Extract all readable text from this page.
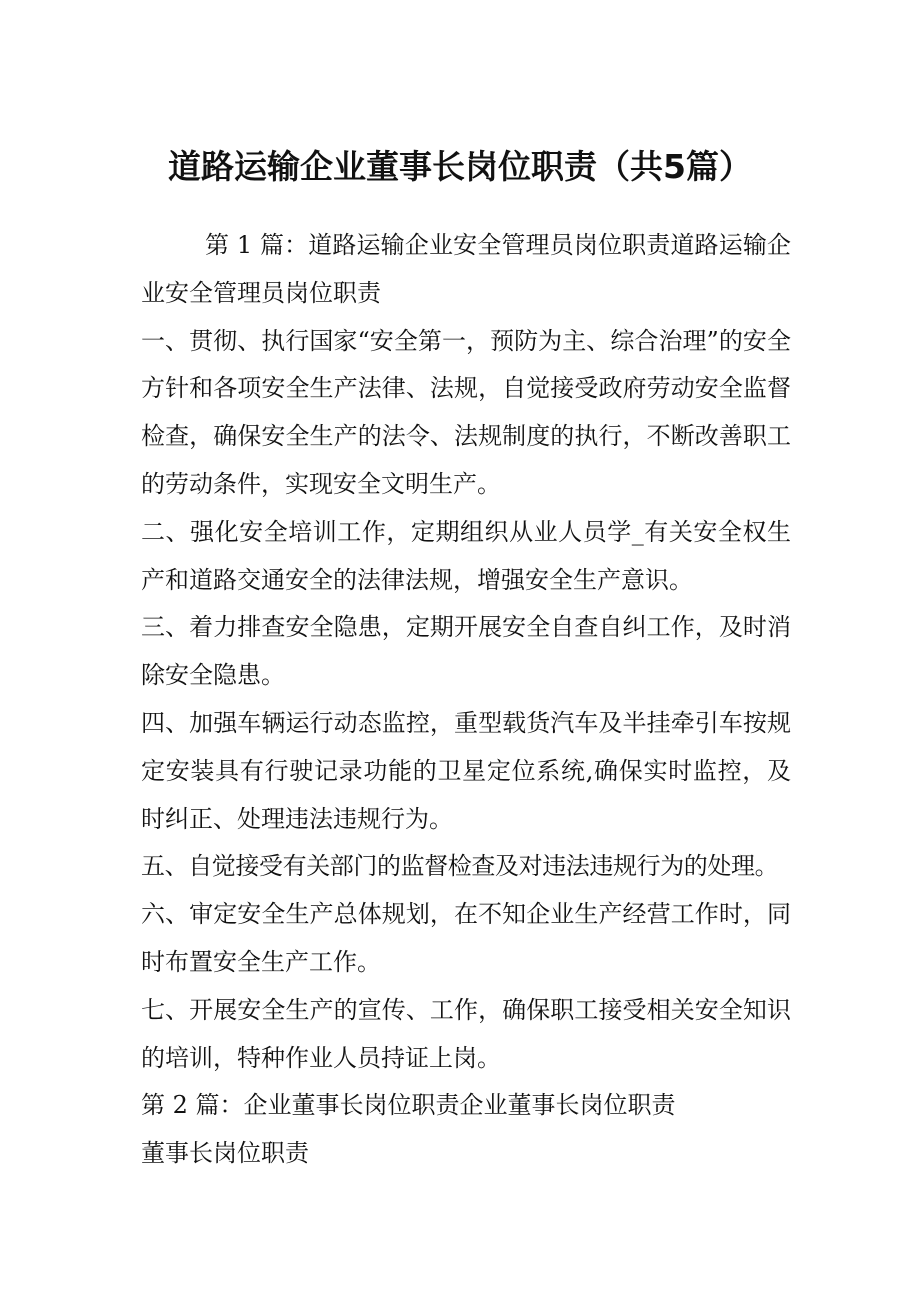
道路运输企业董事长岗位职责（共5篇）

第 1 篇：道路运输企业安全管理员岗位职责道路运输企业安全管理员岗位职责

一、贯彻、执行国家“安全第一，预防为主、综合治理”的安全方针和各项安全生产法律、法规，自觉接受政府劳动安全监督检查，确保安全生产的法令、法规制度的执行，不断改善职工的劳动条件，实现安全文明生产。

二、强化安全培训工作，定期组织从业人员学_有关安全权生产和道路交通安全的法律法规，增强安全生产意识。

三、着力排查安全隐患，定期开展安全自查自纠工作，及时消除安全隐患。

四、加强车辆运行动态监控，重型载货汽车及半挂牵引车按规定安装具有行驶记录功能的卫星定位系统,确保实时监控，及时纠正、处理违法违规行为。

五、自觉接受有关部门的监督检查及对违法违规行为的处理。

六、审定安全生产总体规划，在不知企业生产经营工作时，同时布置安全生产工作。

七、开展安全生产的宣传、工作，确保职工接受相关安全知识的培训，特种作业人员持证上岗。

第 2 篇：企业董事长岗位职责企业董事长岗位职责

董事长岗位职责
